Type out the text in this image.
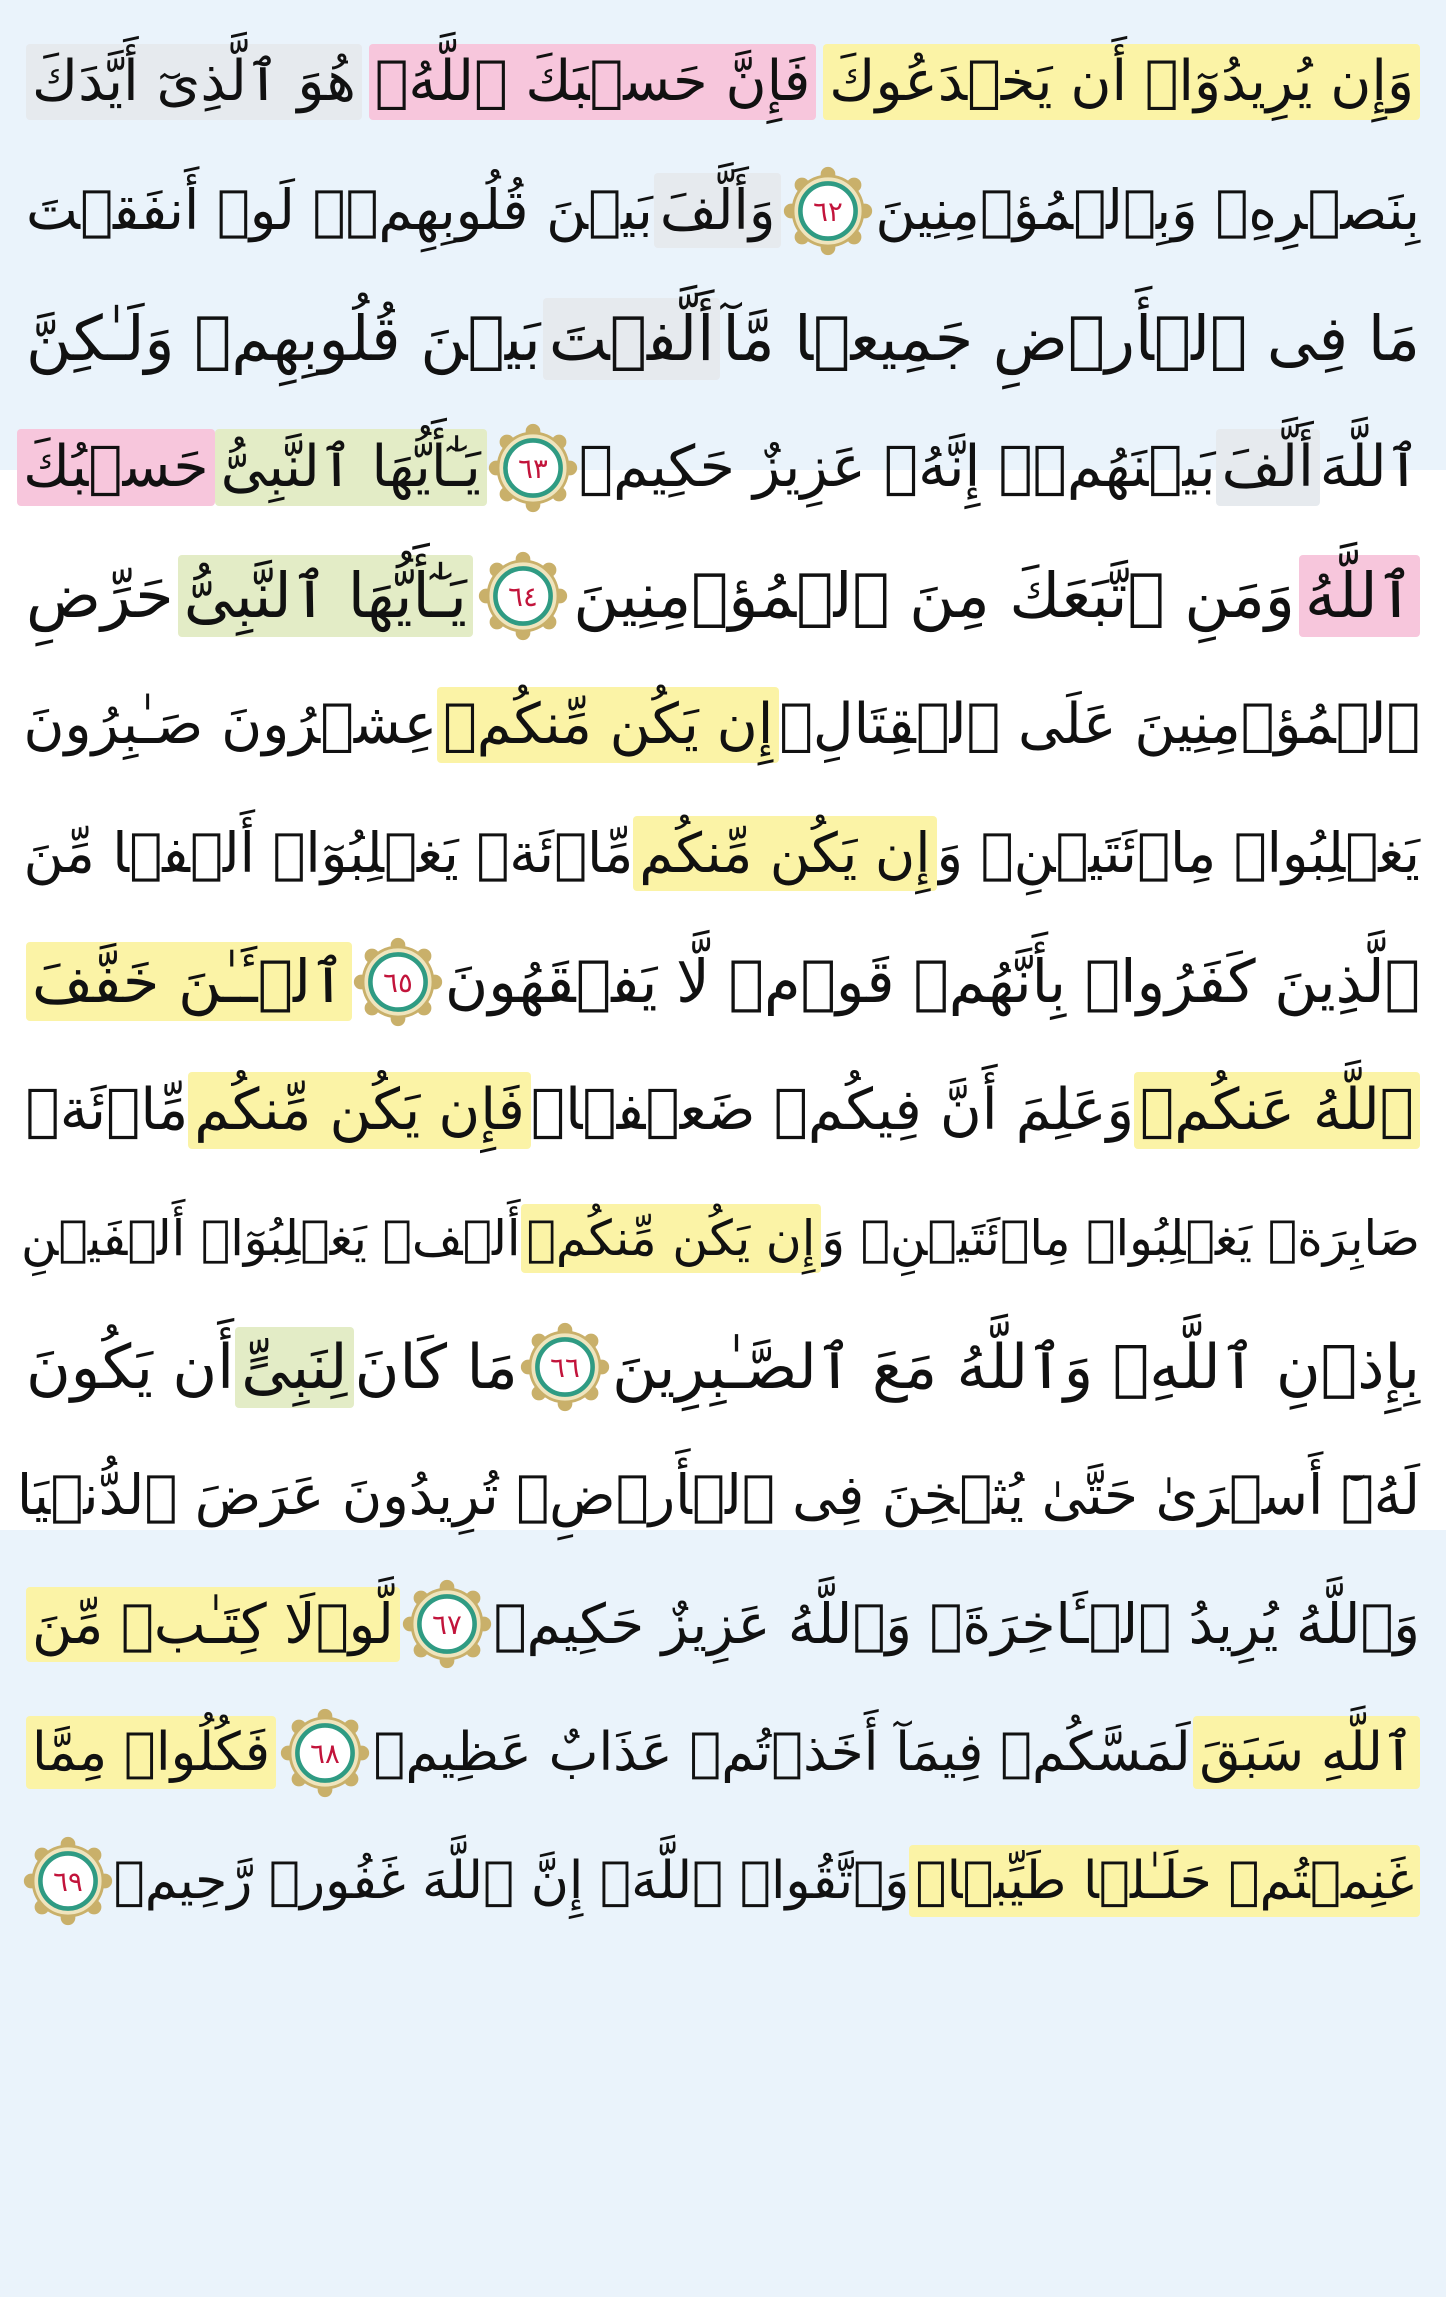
وَإِن يُرِيدُوٓا۟ أَن يَخۡدَعُوكَ
فَإِنَّ حَسۡبَكَ ٱللَّهُۚ
هُوَ ٱلَّذِیٓ أَیَّدَكَ
بِنَصۡرِهِۦ وَبِٱلۡمُؤۡمِنِینَ
٦٢
وَأَلَّفَ
بَیۡنَ قُلُوبِهِمۡۚ لَوۡ أَنفَقۡتَ
مَا فِی ٱلۡأَرۡضِ جَمِیعࣰا مَّآ
أَلَّفۡتَ
بَیۡنَ قُلُوبِهِمۡ وَلَـٰكِنَّ
ٱللَّهَ
أَلَّفَ
بَیۡنَهُمۡۚ إِنَّهُۥ عَزِیزٌ حَكِیمࣱ
٦٣
یَـٰٓأَیُّهَا ٱلنَّبِیُّ
حَسۡبُكَ
ٱللَّهُ
وَمَنِ ٱتَّبَعَكَ مِنَ ٱلۡمُؤۡمِنِینَ
٦٤
یَـٰٓأَیُّهَا ٱلنَّبِیُّ
حَرِّضِ
ٱلۡمُؤۡمِنِینَ عَلَى ٱلۡقِتَالِۚ
إِن یَكُن مِّنكُمۡ
عِشۡرُونَ صَـٰبِرُونَ
یَغۡلِبُوا۟ مِا۟ئَتَیۡنِۚ وَ
إِن یَكُن مِّنكُم
مِّا۟ئَةࣱ یَغۡلِبُوٓا۟ أَلۡفࣰا مِّنَ
ٱلَّذِینَ كَفَرُوا۟ بِأَنَّهُمۡ قَوۡمࣱ لَّا یَفۡقَهُونَ
٦٥
ٱلۡـَٔـٰنَ خَفَّفَ
ٱللَّهُ عَنكُمۡ
وَعَلِمَ أَنَّ فِیكُمۡ ضَعۡفࣰاۚ
فَإِن یَكُن مِّنكُم
مِّا۟ئَةࣱ
صَابِرَةࣱ یَغۡلِبُوا۟ مِا۟ئَتَیۡنِۚ وَ
إِن یَكُن مِّنكُمۡ
أَلۡفࣱ یَغۡلِبُوٓا۟ أَلۡفَیۡنِ
بِإِذۡنِ ٱللَّهِۗ وَٱللَّهُ مَعَ ٱلصَّـٰبِرِینَ
٦٦
مَا كَانَ
لِنَبِیٍّ
أَن یَكُونَ
لَهُۥٓ أَسۡرَىٰ حَتَّىٰ یُثۡخِنَ فِی ٱلۡأَرۡضِۚ تُرِیدُونَ عَرَضَ ٱلدُّنۡیَا
وَٱللَّهُ یُرِیدُ ٱلۡـَٔاخِرَةَۗ وَٱللَّهُ عَزِیزٌ حَكِیمࣱ
٦٧
لَّوۡلَا كِتَـٰبࣱ مِّنَ
ٱللَّهِ سَبَقَ
لَمَسَّكُمۡ فِیمَآ أَخَذۡتُمۡ عَذَابٌ عَظِیمࣱ
٦٨
فَكُلُوا۟ مِمَّا
غَنِمۡتُمۡ حَلَـٰلࣰا طَیِّبࣰاۚ
وَٱتَّقُوا۟ ٱللَّهَۚ إِنَّ ٱللَّهَ غَفُورࣱ رَّحِیمࣱ
٦٩
